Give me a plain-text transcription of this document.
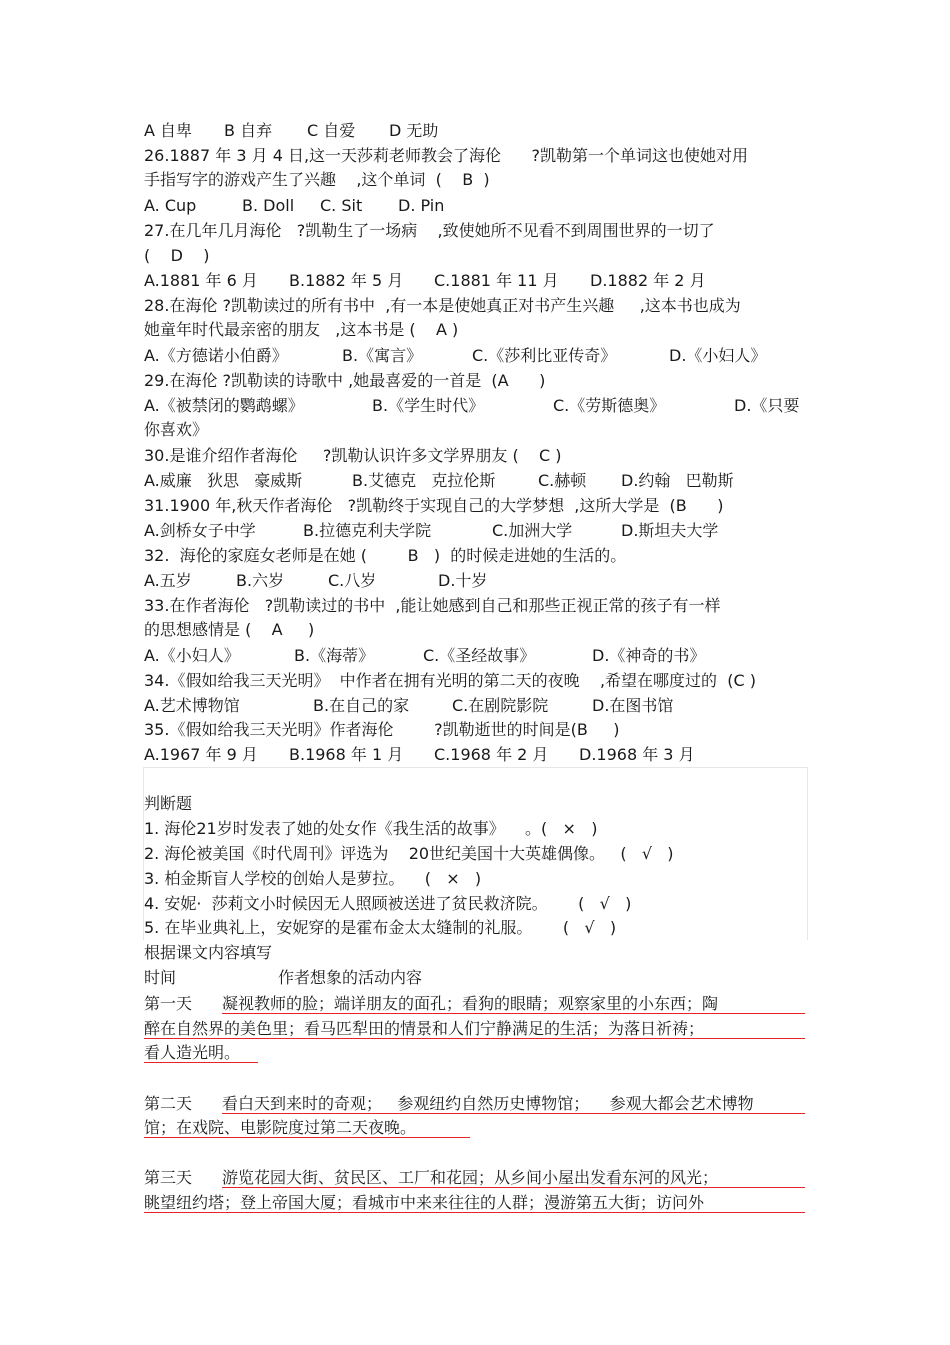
A 自卑 B 自弃 C 自爱 D 无助
26.1887 年 3 月 4 日,这一天莎莉老师教会了海伦      ?凯勒第一个单词这也使她对用
手指写字的游戏产生了兴趣    ,这个单词  (    B  )
A. Cup	B. Doll C. Sit D. Pin
27.在几年几月海伦   ?凯勒生了一场病    ,致使她所不见看不到周围世界的一切了
(    D    )
A.1881 年 6 月 B.1882 年 5 月 C.1881 年 11 月 D.1882 年 2 月
28.在海伦 ?凯勒读过的所有书中  ,有一本是使她真正对书产生兴趣     ,这本书也成为
她童年时代最亲密的朋友   ,这本书是 (    A )
A.《方德诺小伯爵》	B.《寓言》	C.《莎利比亚传奇》	D.《小妇人》
29.在海伦 ?凯勒读的诗歌中 ,她最喜爱的一首是  (A      )
A.《被禁闭的鹦鹉螺》	B.《学生时代》	C.《劳斯德奥》	D.《只要
你喜欢》
30.是谁介绍作者海伦     ?凯勒认识许多文学界朋友 (    C )
A.威廉   狄思   豪威斯	B.艾德克   克拉伦斯	C.赫顿 D.约翰   巴勒斯
31.1900 年,秋天作者海伦   ?凯勒终于实现自己的大学梦想  ,这所大学是  (B      )
A.剑桥女子中学	B.拉德克利夫学院	C.加洲大学	D.斯坦夫大学
32.  海伦的家庭女老师是在她 (        B   )  的时候走进她的生活的。
A.五岁	B.六岁	C.八岁	D.十岁
33.在作者海伦   ?凯勒读过的书中  ,能让她感到自己和那些正视正常的孩子有一样
的思想感情是 (    A     )
A.《小妇人》	B.《海蒂》	C.《圣经故事》	D.《神奇的书》
34.《假如给我三天光明》  中作者在拥有光明的第二天的夜晚    ,希望在哪度过的  (C )
A.艺术博物馆	B.在自己的家	C.在剧院影院	D.在图书馆
35.《假如给我三天光明》作者海伦        ?凯勒逝世的时间是(B     )
A.1967 年 9 月 B.1968 年 1 月 C.1968 年 2 月 D.1968 年 3 月
判断题
1. 海伦21岁时发表了她的处女作《我生活的故事》    。(   ×   )
2. 海伦被美国《时代周刊》评选为    20世纪美国十大英雄偶像。   (   √   )
3. 柏金斯盲人学校的创始人是萝拉。    (   ×   )
4. 安妮·  莎莉文小时候因无人照顾被送进了贫民救济院。      (   √   )
5. 在毕业典礼上，安妮穿的是霍布金太太缝制的礼服。      (   √   )
根据课文内容填写
时间	作者想象的活动内容
第一天 凝视教师的脸；端详朋友的面孔；看狗的眼睛；观察家里的小东西；陶
醉在自然界的美色里；看马匹犁田的情景和人们宁静满足的生活；为落日祈祷；
看人造光明。
第二天 看白天到来时的奇观；   参观纽约自然历史博物馆；    参观大都会艺术博物
馆；在戏院、电影院度过第二天夜晚。
第三天 游览花园大街、贫民区、工厂和花园；从乡间小屋出发看东河的风光；
眺望纽约塔；登上帝国大厦；看城市中来来往往的人群；漫游第五大街；访问外
